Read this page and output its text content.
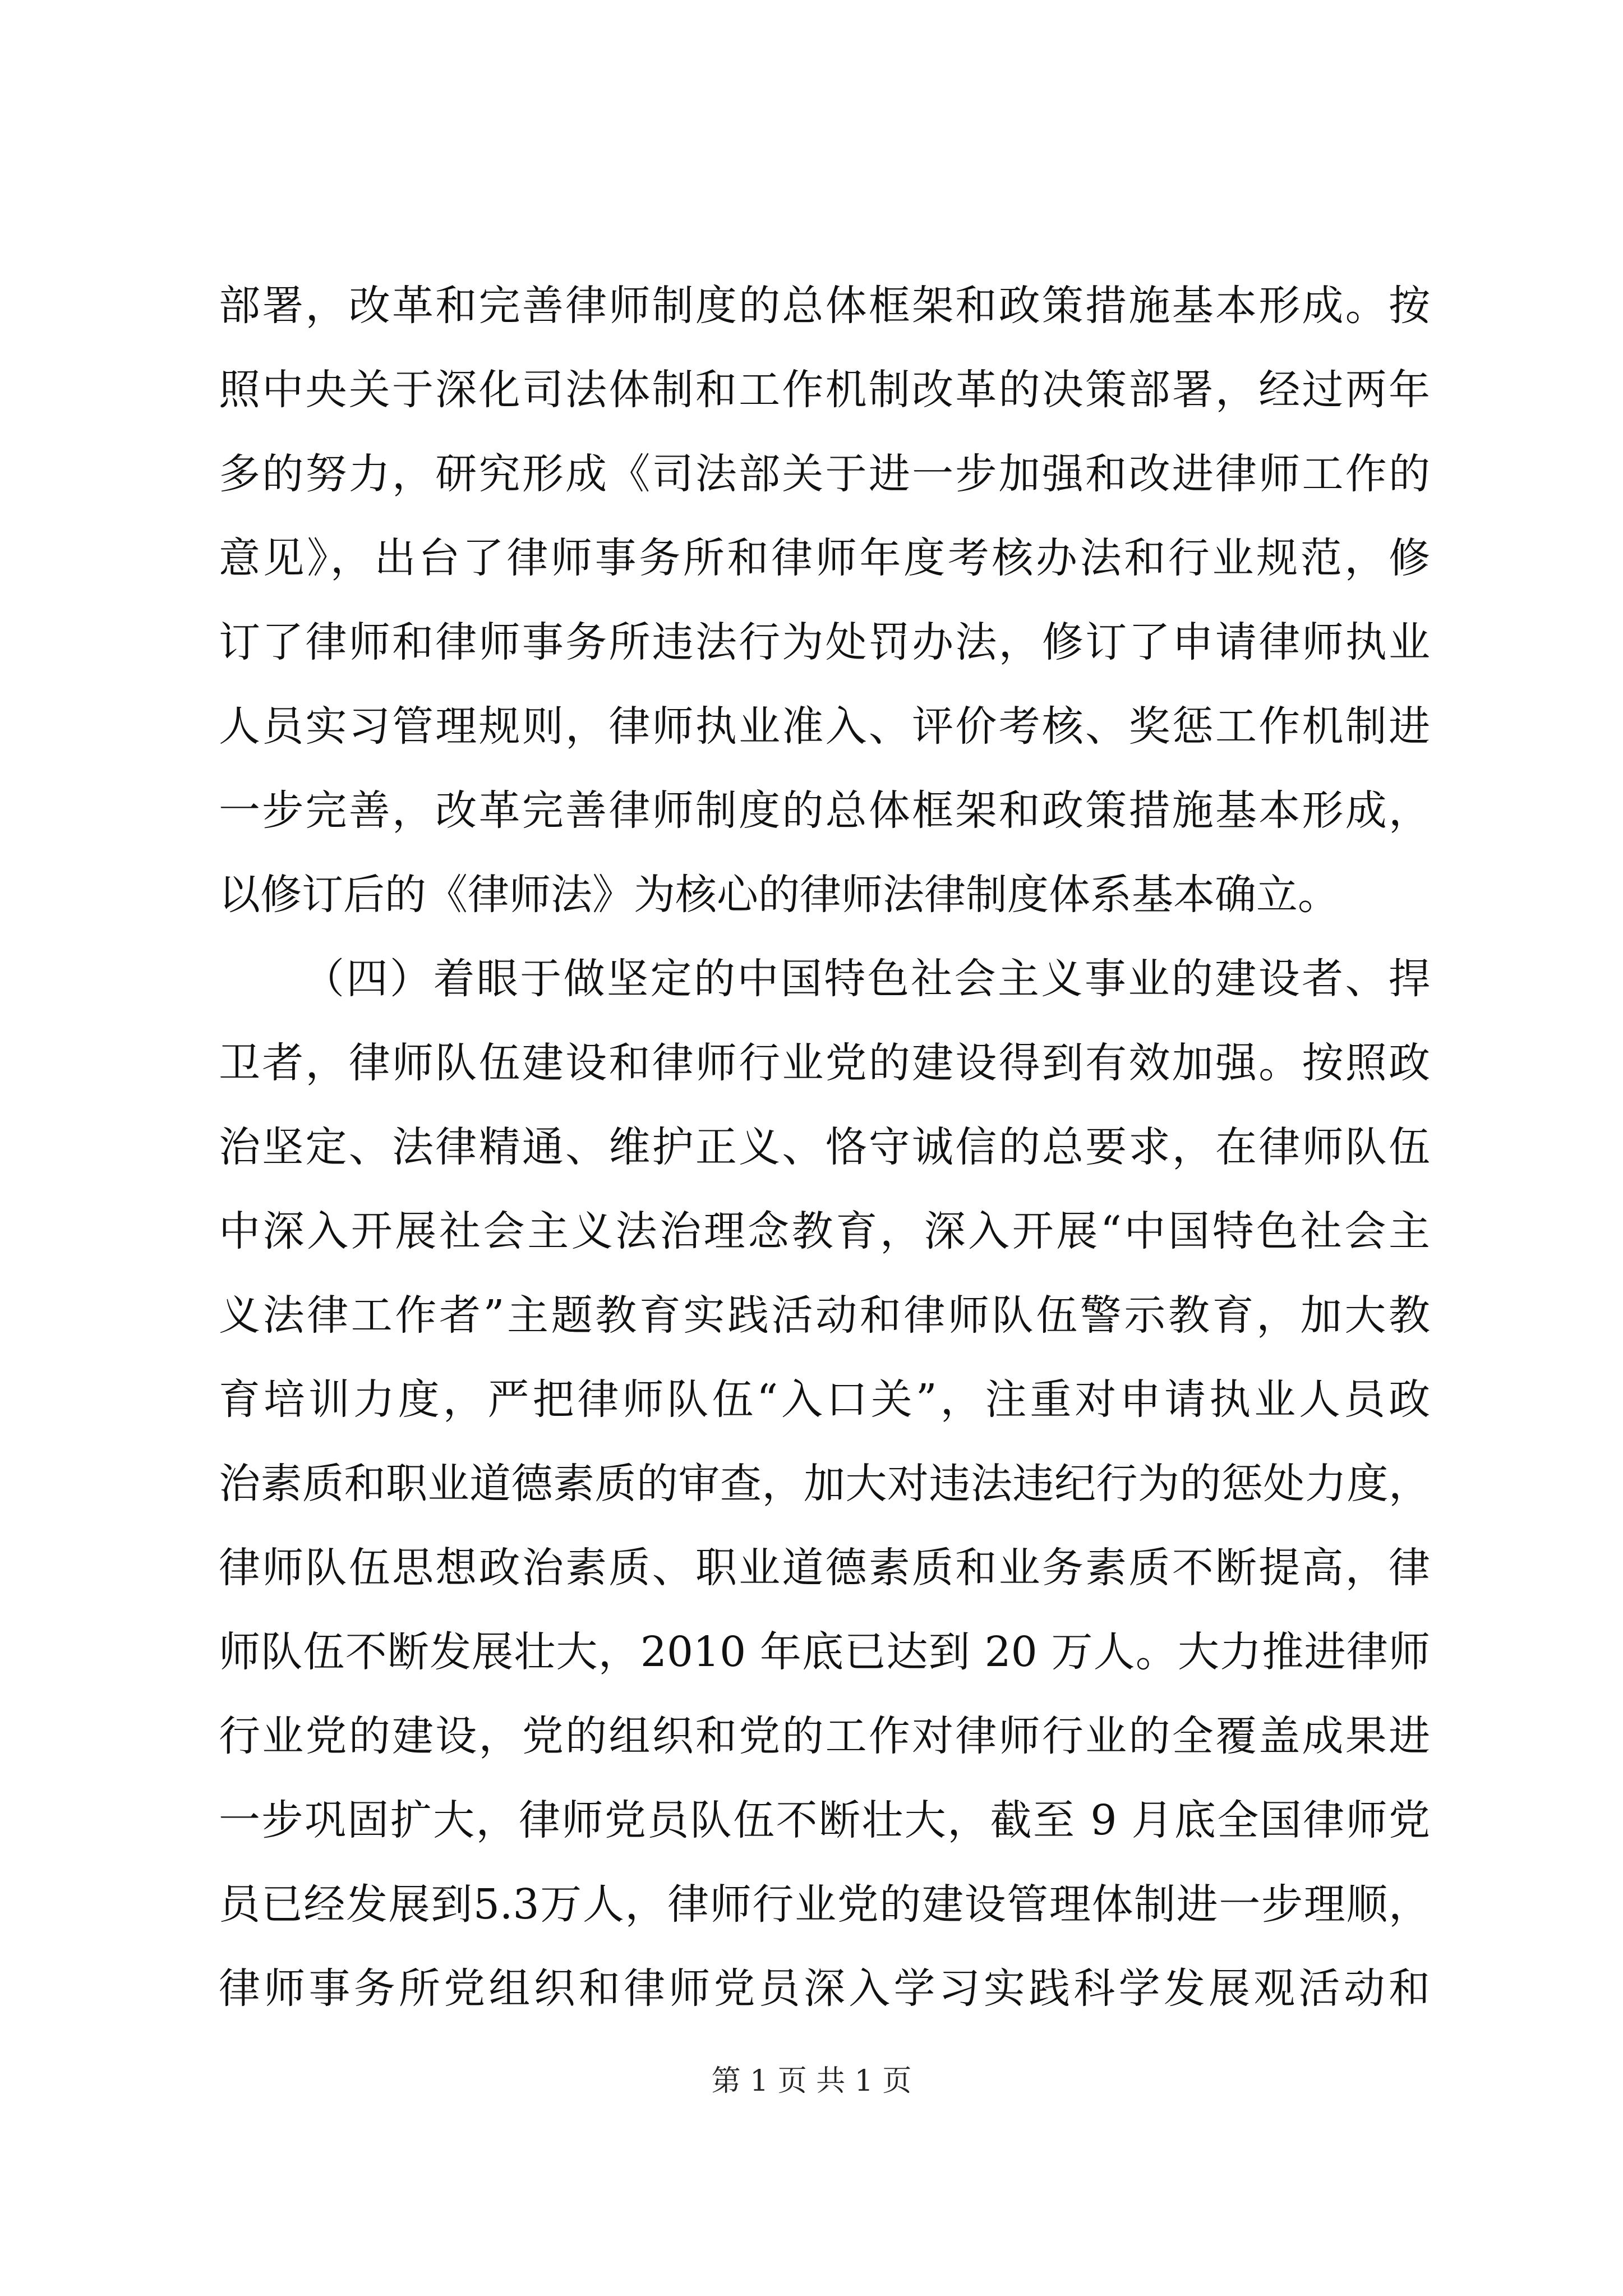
部署，改革和完善律师制度的总体框架和政策措施基本形成。按
照中央关于深化司法体制和工作机制改革的决策部署，经过两年
多的努力，研究形成《司法部关于进一步加强和改进律师工作的
意见》，出台了律师事务所和律师年度考核办法和行业规范，修
订了律师和律师事务所违法行为处罚办法，修订了申请律师执业
人员实习管理规则，律师执业准入、评价考核、奖惩工作机制进
一步完善，改革完善律师制度的总体框架和政策措施基本形成，
以修订后的《律师法》为核心的律师法律制度体系基本确立。
（四）着眼于做坚定的中国特色社会主义事业的建设者、捍
卫者，律师队伍建设和律师行业党的建设得到有效加强。按照政
治坚定、法律精通、维护正义、恪守诚信的总要求，在律师队伍
中深入开展社会主义法治理念教育，深入开展“中国特色社会主
义法律工作者”主题教育实践活动和律师队伍警示教育，加大教
育培训力度，严把律师队伍“入口关”，注重对申请执业人员政
治素质和职业道德素质的审查，加大对违法违纪行为的惩处力度，
律师队伍思想政治素质、职业道德素质和业务素质不断提高，律
师队伍不断发展壮大，2010 年底已达到 20 万人。大力推进律师
行业党的建设，党的组织和党的工作对律师行业的全覆盖成果进
一步巩固扩大，律师党员队伍不断壮大，截至 9 月底全国律师党
员已经发展到5.3万人，律师行业党的建设管理体制进一步理顺，
律师事务所党组织和律师党员深入学习实践科学发展观活动和
第 1 页 共 1 页
